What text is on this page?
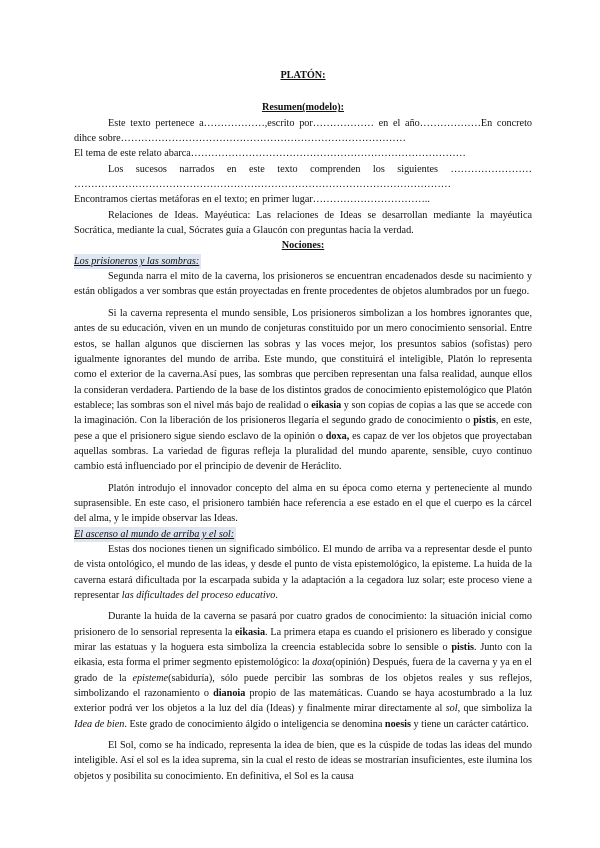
PLATÓN:

Resumen(modelo):

Este texto pertenece a………………,escrito por……………… en el año………………En concreto dihce sobre…………………………………………………………………………

El tema de este relato abarca………………………………………………………………………

Los sucesos narrados en este texto comprenden los siguientes …………………… …………………………………………………………………………………………………

Encontramos ciertas metáforas en el texto; en primer lugar……………………………..

Relaciones de Ideas. Mayéutica: Las relaciones de Ideas se desarrollan mediante la mayéutica Socrática, mediante la cual, Sócrates guía a Glaucón con preguntas hacia la verdad.

Nociones:

Los prisioneros y las sombras:

Segunda narra el mito de la caverna, los prisioneros se encuentran encadenados desde su nacimiento y están obligados a ver sombras que están proyectadas en frente procedentes de objetos alumbrados por un fuego.

Si la caverna representa el mundo sensible, Los prisioneros simbolizan a los hombres ignorantes que, antes de su educación, viven en un mundo de conjeturas constituido por un mero conocimiento sensorial. Entre estos, se hallan algunos que disciernen las sobras y las voces mejor, los presuntos sabios (sofistas) pero igualmente ignorantes del mundo de arriba. Este mundo, que constituirá el inteligible, Platón lo representa como el exterior de la caverna.Así pues, las sombras que perciben representan una falsa realidad, aunque ellos la consideran verdadera. Partiendo de la base de los distintos grados de conocimiento epistemológico que Platón establece; las sombras son el nivel más bajo de realidad o eikasia y son copias de copias a las que se accede con la imaginación. Con la liberación de los prisioneros llegaría el segundo grado de conocimiento o pistis, en este, pese a que el prisionero sigue siendo esclavo de la opinión o doxa, es capaz de ver los objetos que proyectaban aquellas sombras. La variedad de figuras refleja la pluralidad del mundo aparente, sensible, cuyo continuo cambio está influenciado por el principio de devenir de Heráclito.

Platón introdujo el innovador concepto del alma en su época como eterna y perteneciente al mundo suprasensible. En este caso, el prisionero también hace referencia a ese estado en el que el cuerpo es la cárcel del alma, y le impide observar las Ideas.

El ascenso al mundo de arriba y el sol:

Estas dos nociones tienen un significado simbólico. El mundo de arriba va a representar desde el punto de vista ontológico, el mundo de las ideas, y desde el punto de vista epistemológico, la episteme. La huida de la caverna estará dificultada por la escarpada subida y la adaptación a la cegadora luz solar; este proceso viene a representar las dificultades del proceso educativo.

Durante la huida de la caverna se pasará por cuatro grados de conocimiento: la situación inicial como prisionero de lo sensorial representa la eikasia. La primera etapa es cuando el prisionero es liberado y consigue mirar las estatuas y la hoguera esta simboliza la creencia establecida sobre lo sensible o pistis. Junto con la eikasia, esta forma el primer segmento epistemológico: la doxa(opinión) Después, fuera de la caverna y ya en el grado de la episteme(sabiduría), sólo puede percibir las sombras de los objetos reales y sus reflejos, simbolizando el razonamiento o dianoia propio de las matemáticas. Cuando se haya acostumbrado a la luz exterior podrá ver los objetos a la luz del día (Ideas) y finalmente mirar directamente al sol, que simboliza la Idea de bien. Este grado de conocimiento álgido o inteligencia se denomina noesis y tiene un carácter catártico.

El Sol, como se ha indicado, representa la idea de bien, que es la cúspide de todas las ideas del mundo inteligible. Así el sol es la idea suprema, sin la cual el resto de ideas se mostrarían insuficientes, este ilumina los objetos y posibilita su conocimiento. En definitiva, el Sol es la causa
